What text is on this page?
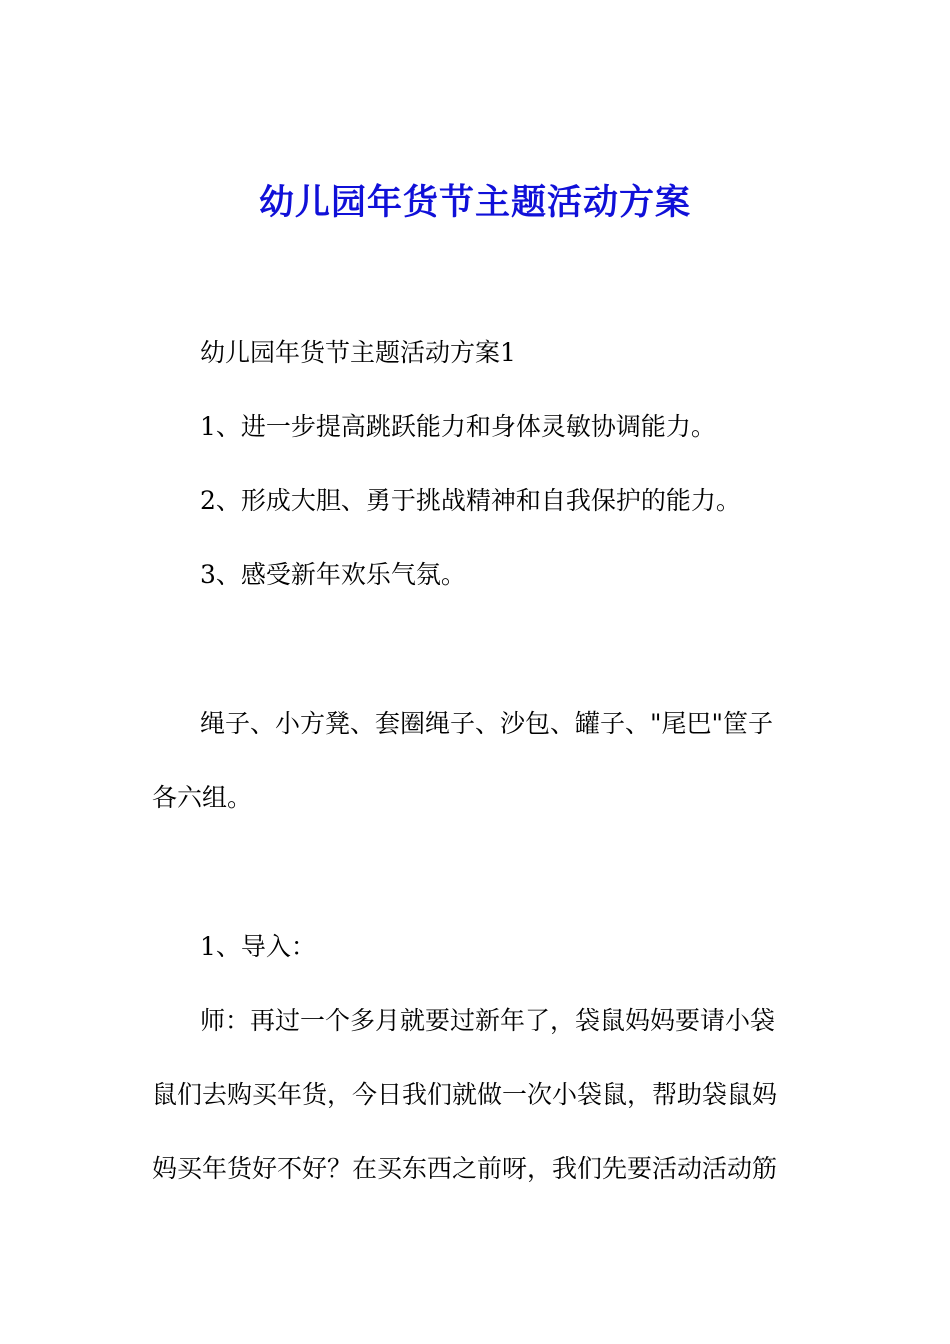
幼儿园年货节主题活动方案
幼儿园年货节主题活动方案1
1、进一步提高跳跃能力和身体灵敏协调能力。
2、形成大胆、勇于挑战精神和自我保护的能力。
3、感受新年欢乐气氛。
绳子、小方凳、套圈绳子、沙包、罐子、"尾巴"筐子
各六组。
1、导入：
师：再过一个多月就要过新年了，袋鼠妈妈要请小袋
鼠们去购买年货，今日我们就做一次小袋鼠，帮助袋鼠妈
妈买年货好不好？在买东西之前呀，我们先要活动活动筋
